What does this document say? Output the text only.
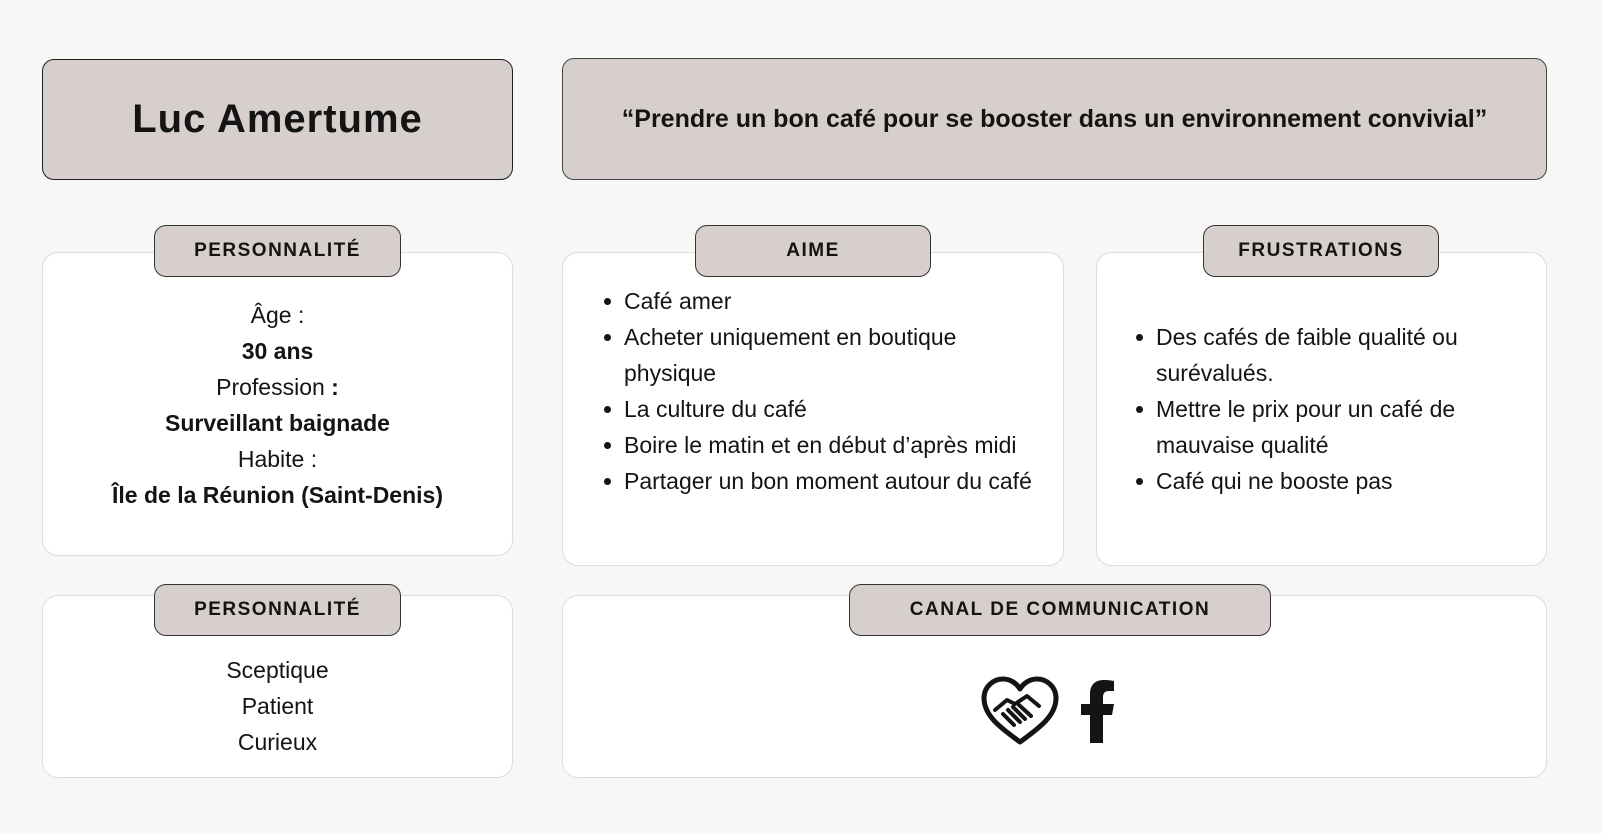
Luc Amertume	“Prendre un bon café pour se booster dans un environnement convivial”

Âge :
30 ans
Profession :
Surveillant baignade
Habite :
Île de la Réunion (Saint-Denis)
PERSONNALITÉ
Café amer
Acheter uniquement en boutique physique
La culture du café
Boire le matin et en début d’après midi
Partager un bon moment autour du café
AIME
Des cafés de faible qualité ou surévalués.
Mettre le prix pour un café de mauvaise qualité
Café qui ne booste pas
FRUSTRATIONS
Sceptique
Patient
Curieux
PERSONNALITÉ	CANAL DE COMMUNICATION
